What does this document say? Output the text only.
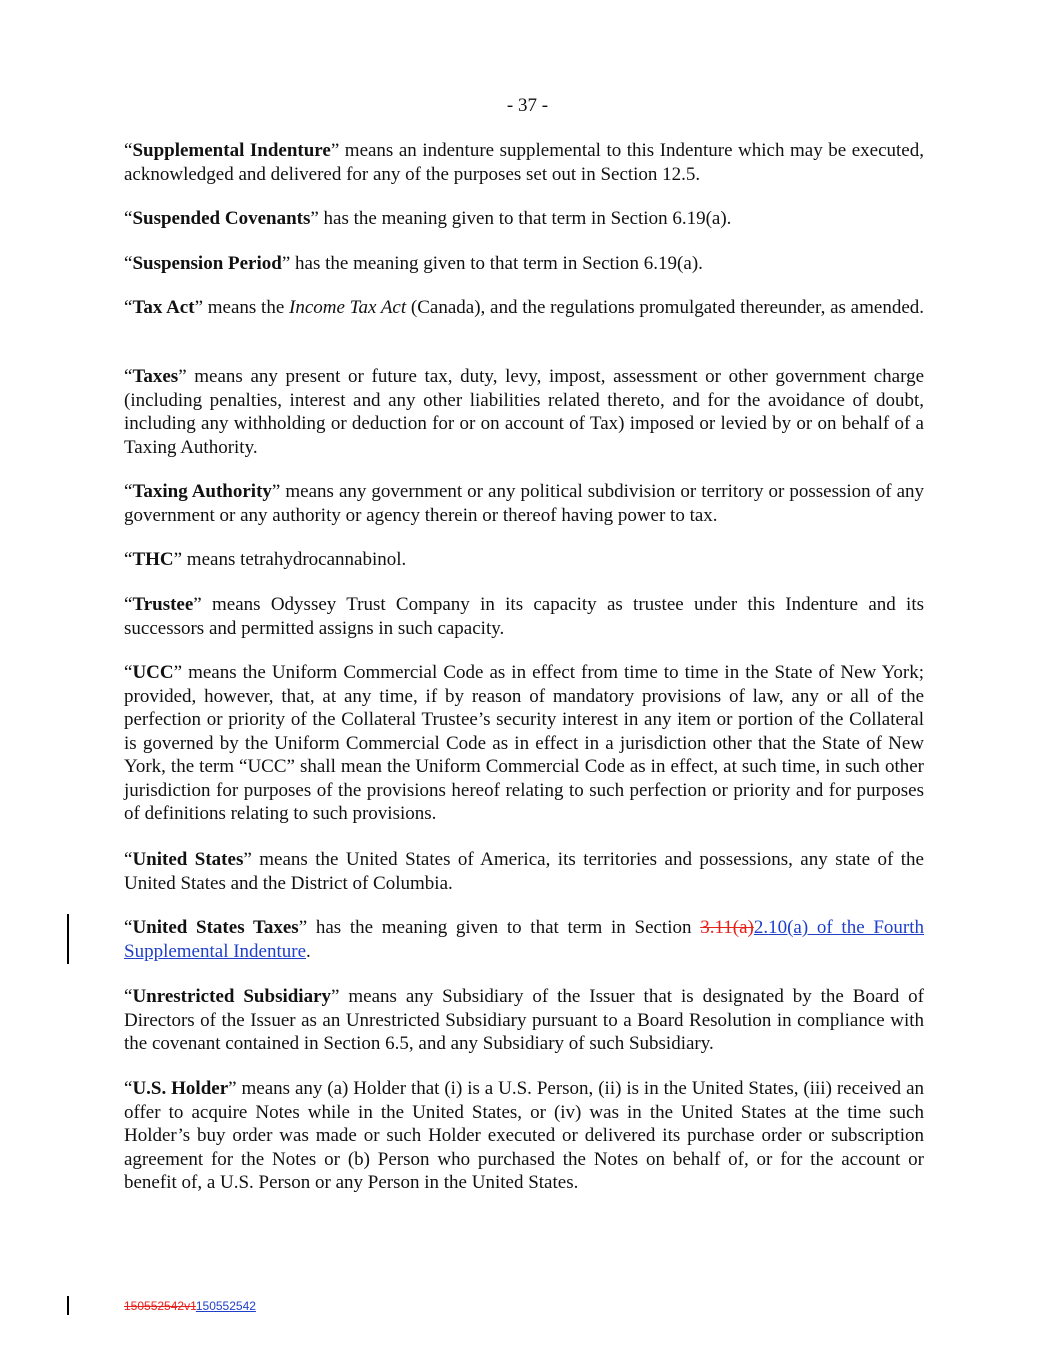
- 37 -

“Supplemental Indenture” means an indenture supplemental to this Indenture which may be executed, acknowledged and delivered for any of the purposes set out in Section 12.5.

“Suspended Covenants” has the meaning given to that term in Section 6.19(a).

“Suspension Period” has the meaning given to that term in Section 6.19(a).

“Tax Act” means the Income Tax Act (Canada), and the regulations promulgated thereunder, as amended.

“Taxes” means any present or future tax, duty, levy, impost, assessment or other government charge (including penalties, interest and any other liabilities related thereto, and for the avoidance of doubt, including any withholding or deduction for or on account of Tax) imposed or levied by or on behalf of a Taxing Authority.

“Taxing Authority” means any government or any political subdivision or territory or possession of any government or any authority or agency therein or thereof having power to tax.

“THC” means tetrahydrocannabinol.

“Trustee” means Odyssey Trust Company in its capacity as trustee under this Indenture and its successors and permitted assigns in such capacity.

“UCC” means the Uniform Commercial Code as in effect from time to time in the State of New York; provided, however, that, at any time, if by reason of mandatory provisions of law, any or all of the perfection or priority of the Collateral Trustee’s security interest in any item or portion of the Collateral is governed by the Uniform Commercial Code as in effect in a jurisdiction other that the State of New York, the term “UCC” shall mean the Uniform Commercial Code as in effect, at such time, in such other jurisdiction for purposes of the provisions hereof relating to such perfection or priority and for purposes of definitions relating to such provisions.

“United States” means the United States of America, its territories and possessions, any state of the United States and the District of Columbia.

“United States Taxes” has the meaning given to that term in Section 3.11(a)2.10(a) of the Fourth Supplemental Indenture.

“Unrestricted Subsidiary” means any Subsidiary of the Issuer that is designated by the Board of Directors of the Issuer as an Unrestricted Subsidiary pursuant to a Board Resolution in compliance with the covenant contained in Section 6.5, and any Subsidiary of such Subsidiary.

“U.S. Holder” means any (a) Holder that (i) is a U.S. Person, (ii) is in the United States, (iii) received an offer to acquire Notes while in the United States, or (iv) was in the United States at the time such Holder’s buy order was made or such Holder executed or delivered its purchase order or subscription agreement for the Notes or (b) Person who purchased the Notes on behalf of, or for the account or benefit of, a U.S. Person or any Person in the United States.

150552542v1150552542
